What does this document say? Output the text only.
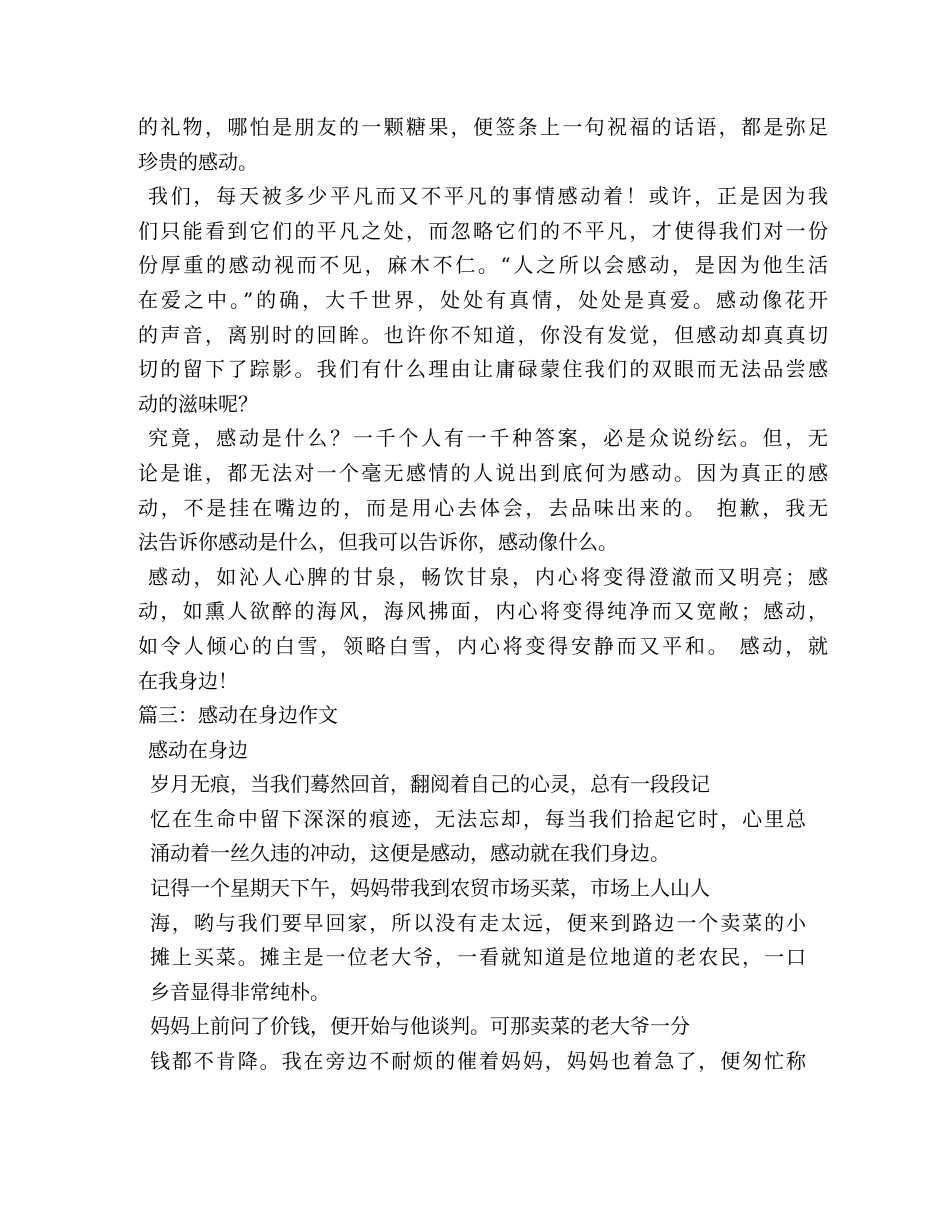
的礼物，哪怕是朋友的一颗糖果，便签条上一句祝福的话语，都是弥足
珍贵的感动。
我们，每天被多少平凡而又不平凡的事情感动着！或许，正是因为我
们只能看到它们的平凡之处，而忽略它们的不平凡，才使得我们对一份
份厚重的感动视而不见，麻木不仁。“人之所以会感动，是因为他生活
在爱之中。”的确，大千世界，处处有真情，处处是真爱。感动像花开
的声音，离别时的回眸。也许你不知道，你没有发觉，但感动却真真切
切的留下了踪影。我们有什么理由让庸碌蒙住我们的双眼而无法品尝感
动的滋味呢？
究竟，感动是什么？一千个人有一千种答案，必是众说纷纭。但，无
论是谁，都无法对一个毫无感情的人说出到底何为感动。因为真正的感
动，不是挂在嘴边的，而是用心去体会，去品味出来的。 抱歉，我无
法告诉你感动是什么，但我可以告诉你，感动像什么。
感动，如沁人心脾的甘泉，畅饮甘泉，内心将变得澄澈而又明亮；感
动，如熏人欲醉的海风，海风拂面，内心将变得纯净而又宽敞；感动，
如令人倾心的白雪，领略白雪，内心将变得安静而又平和。 感动，就
在我身边！
篇三：感动在身边作文
感动在身边
岁月无痕，当我们蓦然回首，翻阅着自己的心灵，总有一段段记
忆在生命中留下深深的痕迹，无法忘却，每当我们拾起它时，心里总
涌动着一丝久违的冲动，这便是感动，感动就在我们身边。
记得一个星期天下午，妈妈带我到农贸市场买菜，市场上人山人
海，哟与我们要早回家，所以没有走太远，便来到路边一个卖菜的小
摊上买菜。摊主是一位老大爷，一看就知道是位地道的老农民，一口
乡音显得非常纯朴。
妈妈上前问了价钱，便开始与他谈判。可那卖菜的老大爷一分
钱都不肯降。我在旁边不耐烦的催着妈妈，妈妈也着急了，便匆忙称
